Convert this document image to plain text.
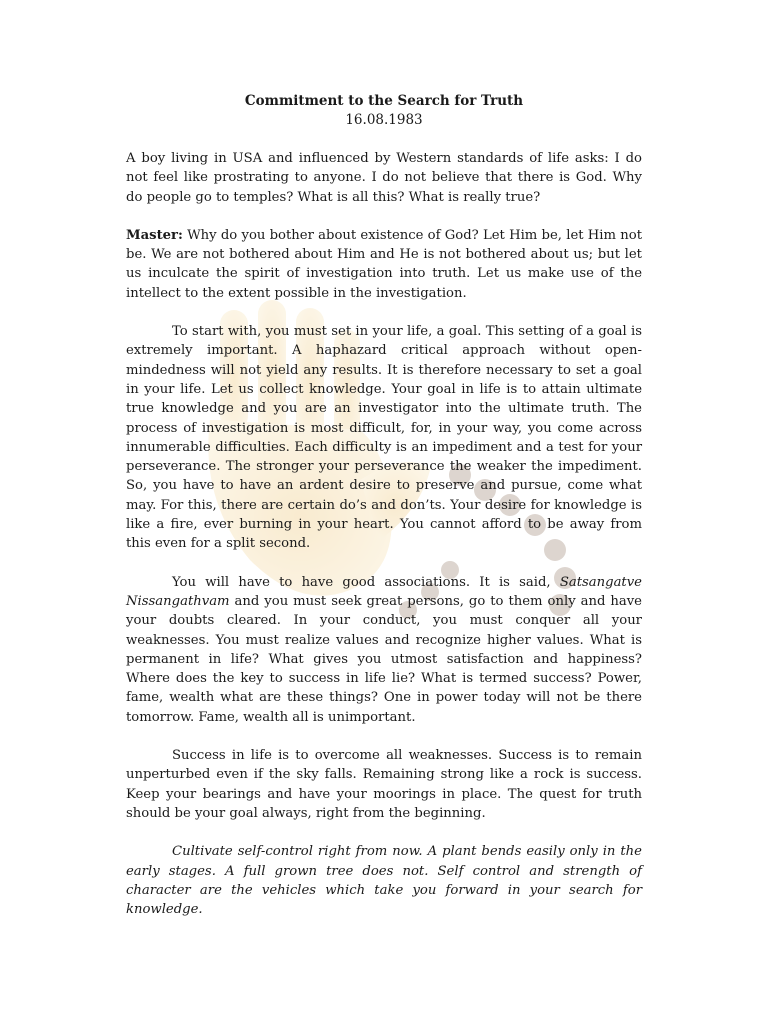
Commitment to the Search for Truth
16.08.1983

A boy living in USA and influenced by Western standards of life asks: I do not feel like prostrating to anyone. I do not believe that there is God. Why do people go to temples? What is all this? What is really true?

Master: Why do you bother about existence of God? Let Him be, let Him not be. We are not bothered about Him and He is not bothered about us; but let us inculcate the spirit of investigation into truth. Let us make use of the intellect to the extent possible in the investigation.

To start with, you must set in your life, a goal. This setting of a goal is extremely important. A haphazard critical approach without open-mindedness will not yield any results. It is therefore necessary to set a goal in your life. Let us collect knowledge. Your goal in life is to attain ultimate true knowledge and you are an investigator into the ultimate truth. The process of investigation is most difficult, for, in your way, you come across innumerable difficulties. Each difficulty is an impediment and a test for your perseverance. The stronger your perseverance the weaker the impediment. So, you have to have an ardent desire to preserve and pursue, come what may. For this, there are certain do’s and don’ts. Your desire for knowledge is like a fire, ever burning in your heart. You cannot afford to be away from this even for a split second.

You will have to have good associations. It is said, Satsangatve Nissangathvam and you must seek great persons, go to them only and have your doubts cleared. In your conduct, you must conquer all your weaknesses. You must realize values and recognize higher values. What is permanent in life? What gives you utmost satisfaction and happiness? Where does the key to success in life lie? What is termed success? Power, fame, wealth what are these things? One in power today will not be there tomorrow. Fame, wealth all is unimportant.

Success in life is to overcome all weaknesses. Success is to remain unperturbed even if the sky falls. Remaining strong like a rock is success. Keep your bearings and have your moorings in place. The quest for truth should be your goal always, right from the beginning.

Cultivate self-control right from now. A plant bends easily only in the early stages. A full grown tree does not. Self control and strength of character are the vehicles which take you forward in your search for knowledge.
